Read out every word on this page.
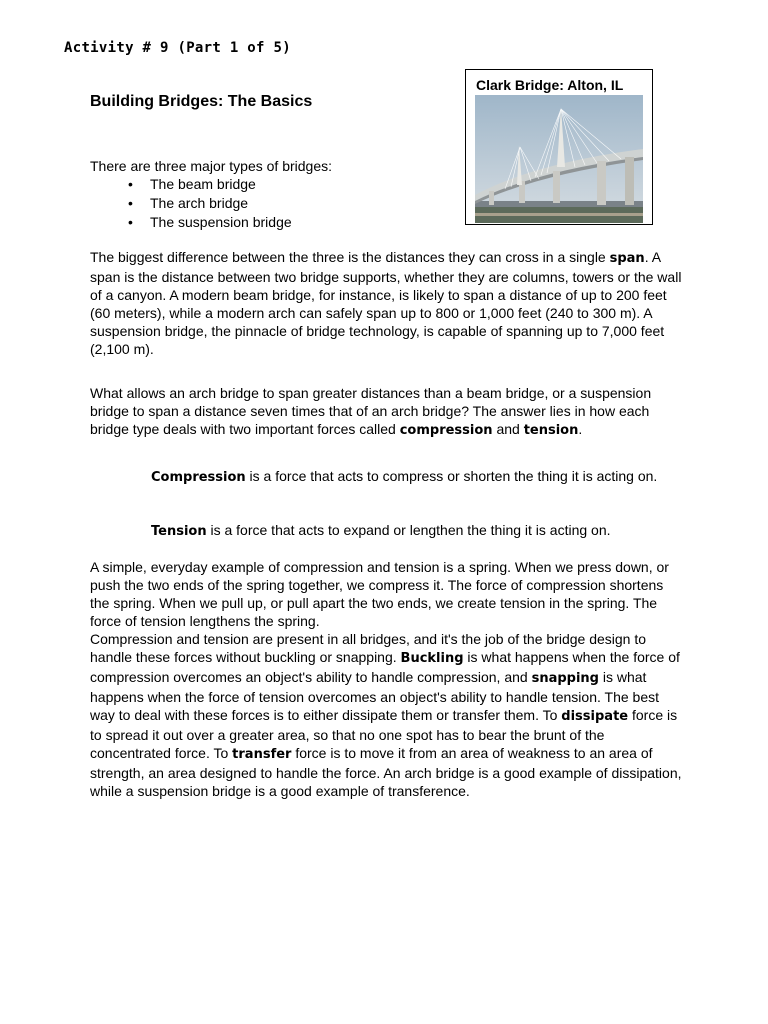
Activity # 9 (Part 1 of 5)
Building Bridges: The Basics
Clark Bridge: Alton, IL
There are three major types of bridges:
• The beam bridge
• The arch bridge
• The suspension bridge

The biggest difference between the three is the distances they can cross in a single span. A span is the distance between two bridge supports, whether they are columns, towers or the wall of a canyon. A modern beam bridge, for instance, is likely to span a distance of up to 200 feet (60 meters), while a modern arch can safely span up to 800 or 1,000 feet (240 to 300 m). A suspension bridge, the pinnacle of bridge technology, is capable of spanning up to 7,000 feet (2,100 m).

What allows an arch bridge to span greater distances than a beam bridge, or a suspension bridge to span a distance seven times that of an arch bridge? The answer lies in how each bridge type deals with two important forces called compression and tension.

Compression is a force that acts to compress or shorten the thing it is acting on.
Tension is a force that acts to expand or lengthen the thing it is acting on.

A simple, everyday example of compression and tension is a spring. When we press down, or push the two ends of the spring together, we compress it. The force of compression shortens the spring. When we pull up, or pull apart the two ends, we create tension in the spring. The force of tension lengthens the spring.

Compression and tension are present in all bridges, and it's the job of the bridge design to handle these forces without buckling or snapping. Buckling is what happens when the force of compression overcomes an object's ability to handle compression, and snapping is what happens when the force of tension overcomes an object's ability to handle tension. The best way to deal with these forces is to either dissipate them or transfer them. To dissipate force is to spread it out over a greater area, so that no one spot has to bear the brunt of the concentrated force. To transfer force is to move it from an area of weakness to an area of strength, an area designed to handle the force. An arch bridge is a good example of dissipation, while a suspension bridge is a good example of transference.
